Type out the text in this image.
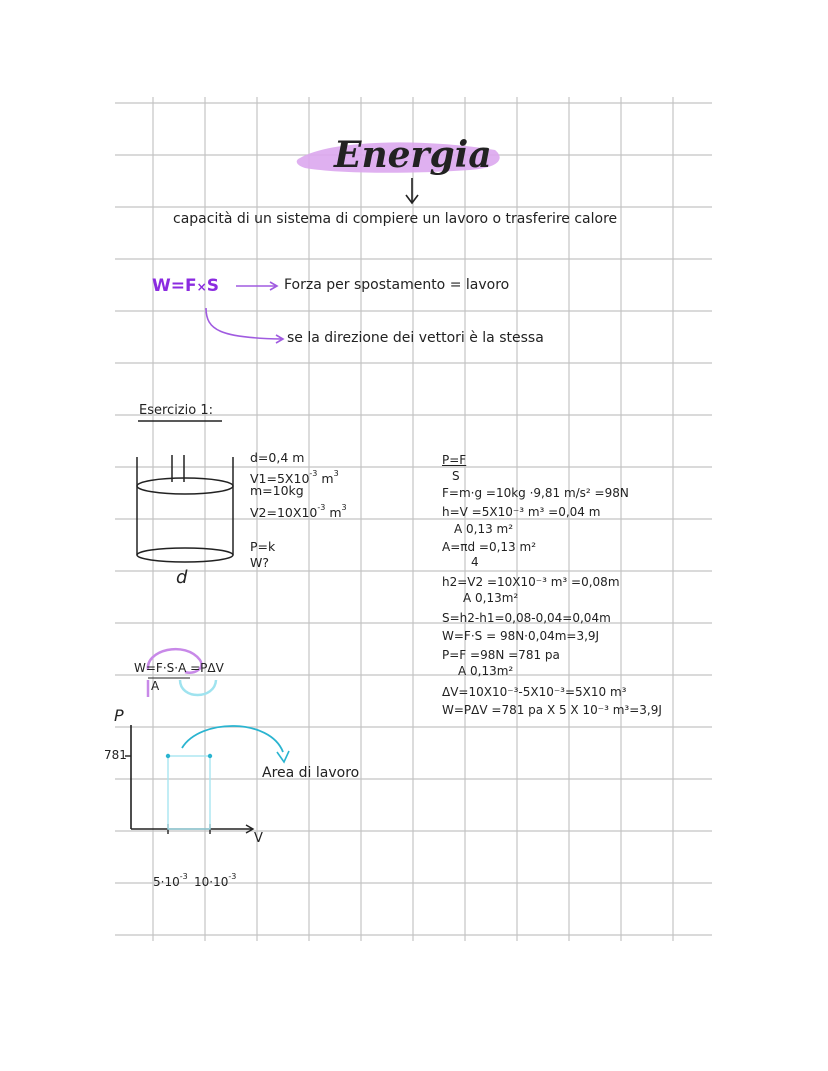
Energia
capacità di un sistema di compiere un lavoro o trasferire calore
W=F×S	Forza per spostamento = lavoro
se la direzione dei vettori è la stessa
Esercizio 1:
d
d=0,4 m
$V1=5X10^{-3}$ $m^3$
m=10kg
$V2=10X10^{-3}$ $m^3$
P=k
W?
P=F
S
F=m·g =10kg ·9,81 m/s² =98N
h=V =5X10⁻³ m³ =0,04 m
A 0,13 m²
A=πd =0,13 m²
4
h2=V2 =10X10⁻³ m³ =0,08m
A 0,13m²
S=h2-h1=0,08-0,04=0,04m
W=F·S = 98N·0,04m=3,9J
P=F =98N =781 pa
A 0,13m²
ΔV=10X10⁻³-5X10⁻³=5X10 m³
W=PΔV =781 pa X 5 X 10⁻³ m³=3,9J
W=F·S·A =PΔV
A
P
781
V
$5\cdot 10^{-3}$ $10\cdot 10^{-3}$
Area di lavoro
